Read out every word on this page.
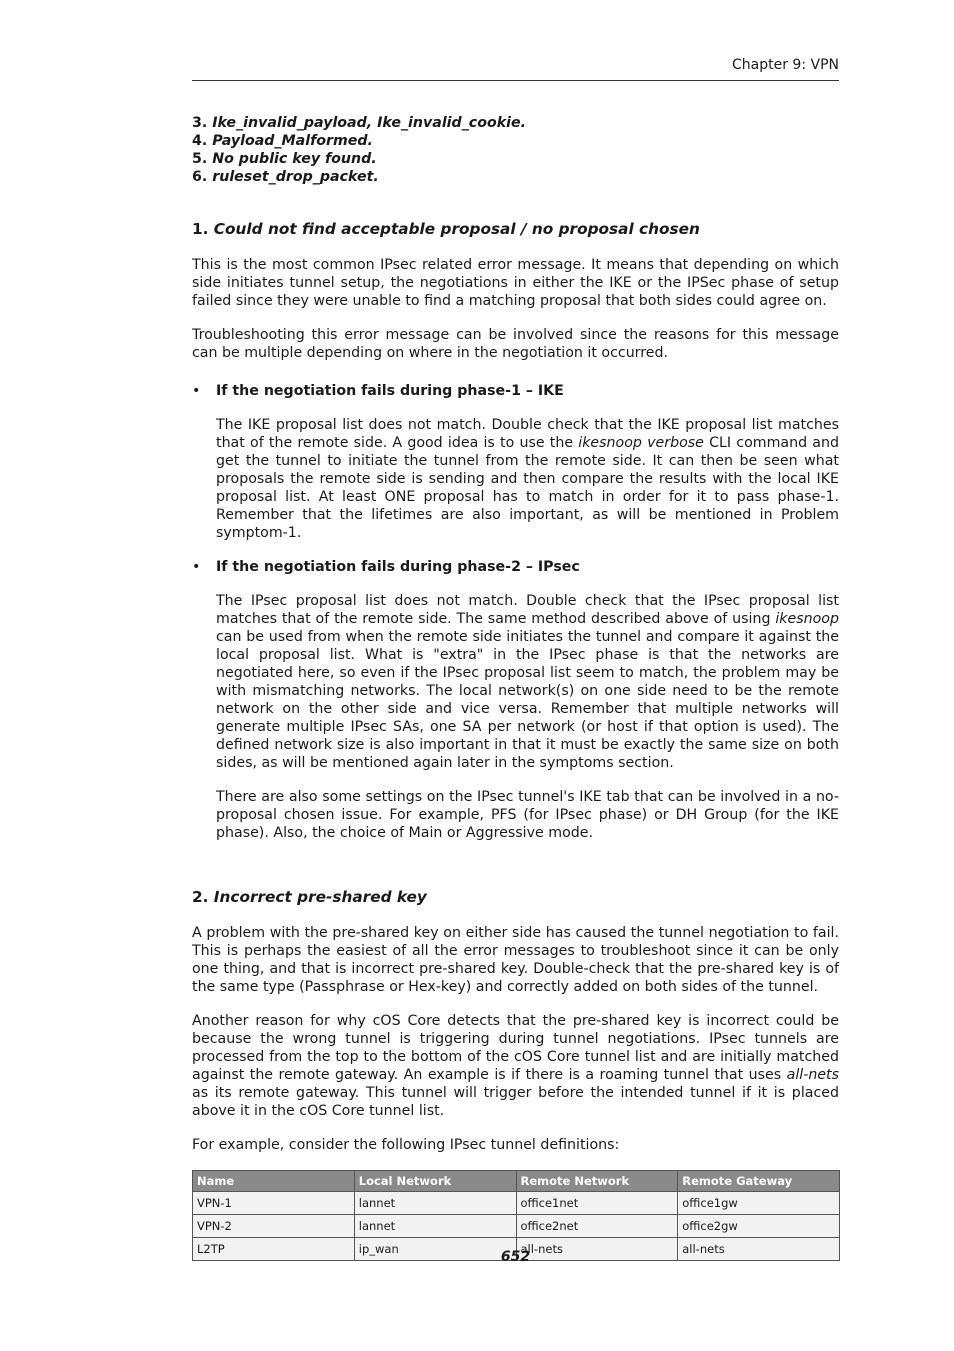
Chapter 9: VPN

3. Ike_invalid_payload, Ike_invalid_cookie.

4. Payload_Malformed.

5. No public key found.

6. ruleset_drop_packet.

1. Could not find acceptable proposal / no proposal chosen

This is the most common IPsec related error message. It means that depending on which side initiates tunnel setup, the negotiations in either the IKE or the IPSec phase of setup failed since they were unable to find a matching proposal that both sides could agree on.

Troubleshooting this error message can be involved since the reasons for this message can be multiple depending on where in the negotiation it occurred.

• If the negotiation fails during phase-1 – IKE

The IKE proposal list does not match. Double check that the IKE proposal list matches that of the remote side. A good idea is to use the ikesnoop verbose CLI command and get the tunnel to initiate the tunnel from the remote side. It can then be seen what proposals the remote side is sending and then compare the results with the local IKE proposal list. At least ONE proposal has to match in order for it to pass phase-1. Remember that the lifetimes are also important, as will be mentioned in Problem symptom-1.

• If the negotiation fails during phase-2 – IPsec

The IPsec proposal list does not match. Double check that the IPsec proposal list matches that of the remote side. The same method described above of using ikesnoop can be used from when the remote side initiates the tunnel and compare it against the local proposal list. What is "extra" in the IPsec phase is that the networks are negotiated here, so even if the IPsec proposal list seem to match, the problem may be with mismatching networks. The local network(s) on one side need to be the remote network on the other side and vice versa. Remember that multiple networks will generate multiple IPsec SAs, one SA per network (or host if that option is used). The defined network size is also important in that it must be exactly the same size on both sides, as will be mentioned again later in the symptoms section.

There are also some settings on the IPsec tunnel's IKE tab that can be involved in a no-proposal chosen issue. For example, PFS (for IPsec phase) or DH Group (for the IKE phase). Also, the choice of Main or Aggressive mode.

2. Incorrect pre-shared key

A problem with the pre-shared key on either side has caused the tunnel negotiation to fail. This is perhaps the easiest of all the error messages to troubleshoot since it can be only one thing, and that is incorrect pre-shared key. Double-check that the pre-shared key is of the same type (Passphrase or Hex-key) and correctly added on both sides of the tunnel.

Another reason for why cOS Core detects that the pre-shared key is incorrect could be because the wrong tunnel is triggering during tunnel negotiations. IPsec tunnels are processed from the top to the bottom of the cOS Core tunnel list and are initially matched against the remote gateway. An example is if there is a roaming tunnel that uses all-nets as its remote gateway. This tunnel will trigger before the intended tunnel if it is placed above it in the cOS Core tunnel list.

For example, consider the following IPsec tunnel definitions:

Name	Local Network	Remote Network	Remote Gateway
VPN-1	lannet	office1net	office1gw
VPN-2	lannet	office2net	office2gw
L2TP	ip_wan	all-nets	all-nets
652
